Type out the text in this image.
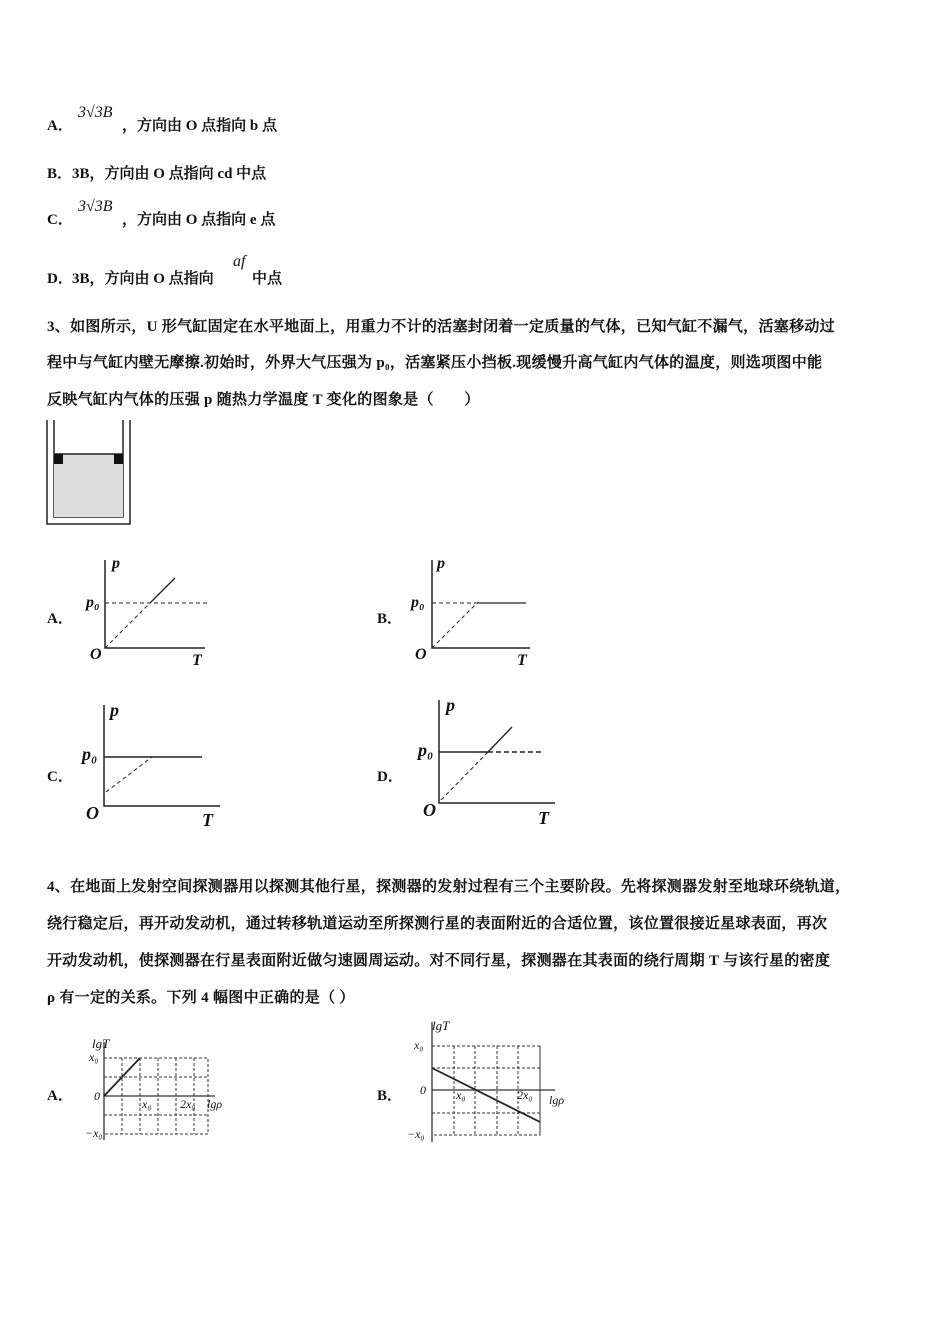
A．
3√3B
，方向由 O 点指向 b 点
B． 3B，方向由 O 点指向 cd 中点
C．
3√3B
，方向由 O 点指向 e 点
D． 3B，方向由 O 点指向
af
中点
3、如图所示，U 形气缸固定在水平地面上，用重力不计的活塞封闭着一定质量的气体，已知气缸不漏气，活塞移动过
程中与气缸内壁无摩擦.初始时，外界大气压强为 p₀，活塞紧压小挡板.现缓慢升高气缸内气体的温度，则选项图中能
反映气缸内气体的压强 p 随热力学温度 T 变化的图象是（　　）
A．
p
p₀
O	T
B．
p
p₀
O	T
C．
p
p₀
O	T
D．
p
p₀
O	T
4、在地面上发射空间探测器用以探测其他行星，探测器的发射过程有三个主要阶段。先将探测器发射至地球环绕轨道，
绕行稳定后，再开动发动机，通过转移轨道运动至所探测行星的表面附近的合适位置，该位置很接近星球表面，再次
开动发动机，使探测器在行星表面附近做匀速圆周运动。对不同行星，探测器在其表面的绕行周期 T 与该行星的密度
ρ 有一定的关系。下列 4 幅图中正确的是（ ）
A．
lgT
x₀
0
−x₀
x₀ 2x₀ lgρ	B．
lgT
x₀
0
−x₀
x₀	2x₀ lgρ
